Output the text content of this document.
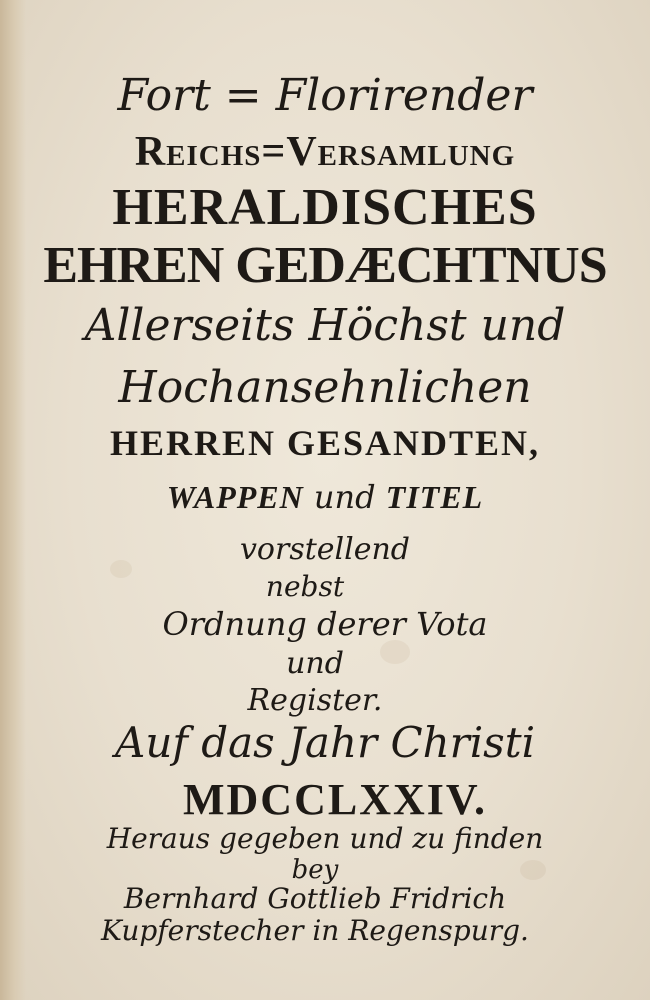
Fort = Florirender
Reichs=Versamlung
HERALDISCHES
EHREN GEDÆCHTNUS
Allerseits Höchst und
Hochansehnlichen
HERREN GESANDTEN,
WAPPEN und TITEL
vorstellend
nebst
Ordnung derer Vota
und
Register.
Auf das Jahr Christi
MDCCLXXIV.
Heraus gegeben und zu finden
bey
Bernhard Gottlieb Fridrich
Kupferstecher in Regenspurg.
